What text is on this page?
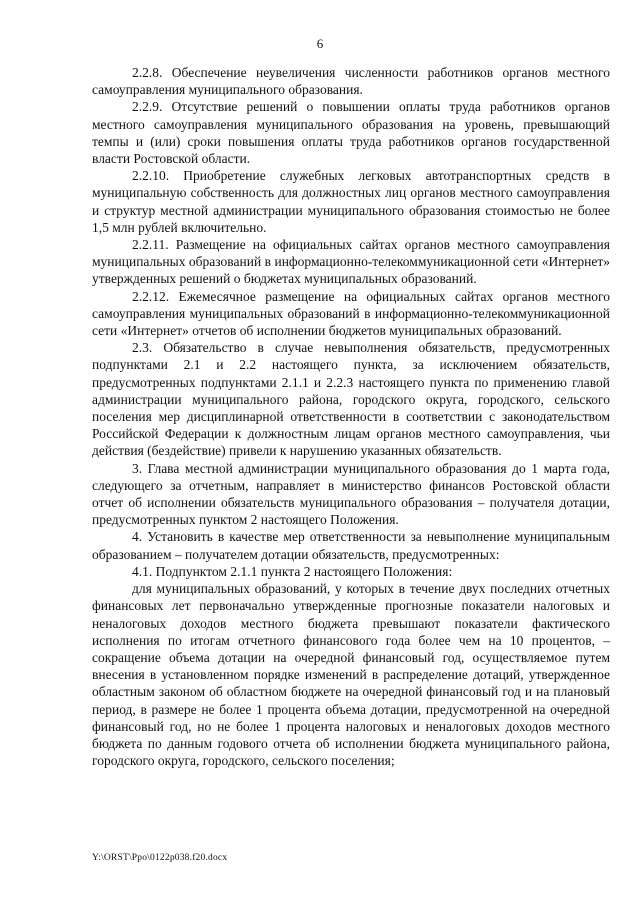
6

2.2.8. Обеспечение неувеличения численности работников органов местного самоуправления муниципального образования.

2.2.9. Отсутствие решений о повышении оплаты труда работников органов местного самоуправления муниципального образования на уровень, превышающий темпы и (или) сроки повышения оплаты труда работников органов государственной власти Ростовской области.

2.2.10. Приобретение служебных легковых автотранспортных средств в муниципальную собственность для должностных лиц органов местного самоуправления и структур местной администрации муниципального образования стоимостью не более 1,5 млн рублей включительно.

2.2.11. Размещение на официальных сайтах органов местного самоуправления муниципальных образований в информационно-телекоммуникационной сети «Интернет» утвержденных решений о бюджетах муниципальных образований.

2.2.12. Ежемесячное размещение на официальных сайтах органов местного самоуправления муниципальных образований в информационно-телекоммуникационной сети «Интернет» отчетов об исполнении бюджетов муниципальных образований.

2.3. Обязательство в случае невыполнения обязательств, предусмотренных подпунктами 2.1 и 2.2 настоящего пункта, за исключением обязательств, предусмотренных подпунктами 2.1.1 и 2.2.3 настоящего пункта по применению главой администрации муниципального района, городского округа, городского, сельского поселения мер дисциплинарной ответственности в соответствии с законодательством Российской Федерации к должностным лицам органов местного самоуправления, чьи действия (бездействие) привели к нарушению указанных обязательств.

3. Глава местной администрации муниципального образования до 1 марта года, следующего за отчетным, направляет в министерство финансов Ростовской области отчет об исполнении обязательств муниципального образования – получателя дотации, предусмотренных пунктом 2 настоящего Положения.

4. Установить в качестве мер ответственности за невыполнение муниципальным образованием – получателем дотации обязательств, предусмотренных:

4.1. Подпунктом 2.1.1 пункта 2 настоящего Положения:

для муниципальных образований, у которых в течение двух последних отчетных финансовых лет первоначально утвержденные прогнозные показатели налоговых и неналоговых доходов местного бюджета превышают показатели фактического исполнения по итогам отчетного финансового года более чем на 10 процентов, – сокращение объема дотации на очередной финансовый год, осуществляемое путем внесения в установленном порядке изменений в распределение дотаций, утвержденное областным законом об областном бюджете на очередной финансовый год и на плановый период, в размере не более 1 процента объема дотации, предусмотренной на очередной финансовый год, но не более 1 процента налоговых и неналоговых доходов местного бюджета по данным годового отчета об исполнении бюджета муниципального района, городского округа, городского, сельского поселения;

Y:\ORST\Ppo\0122p038.f20.docx
